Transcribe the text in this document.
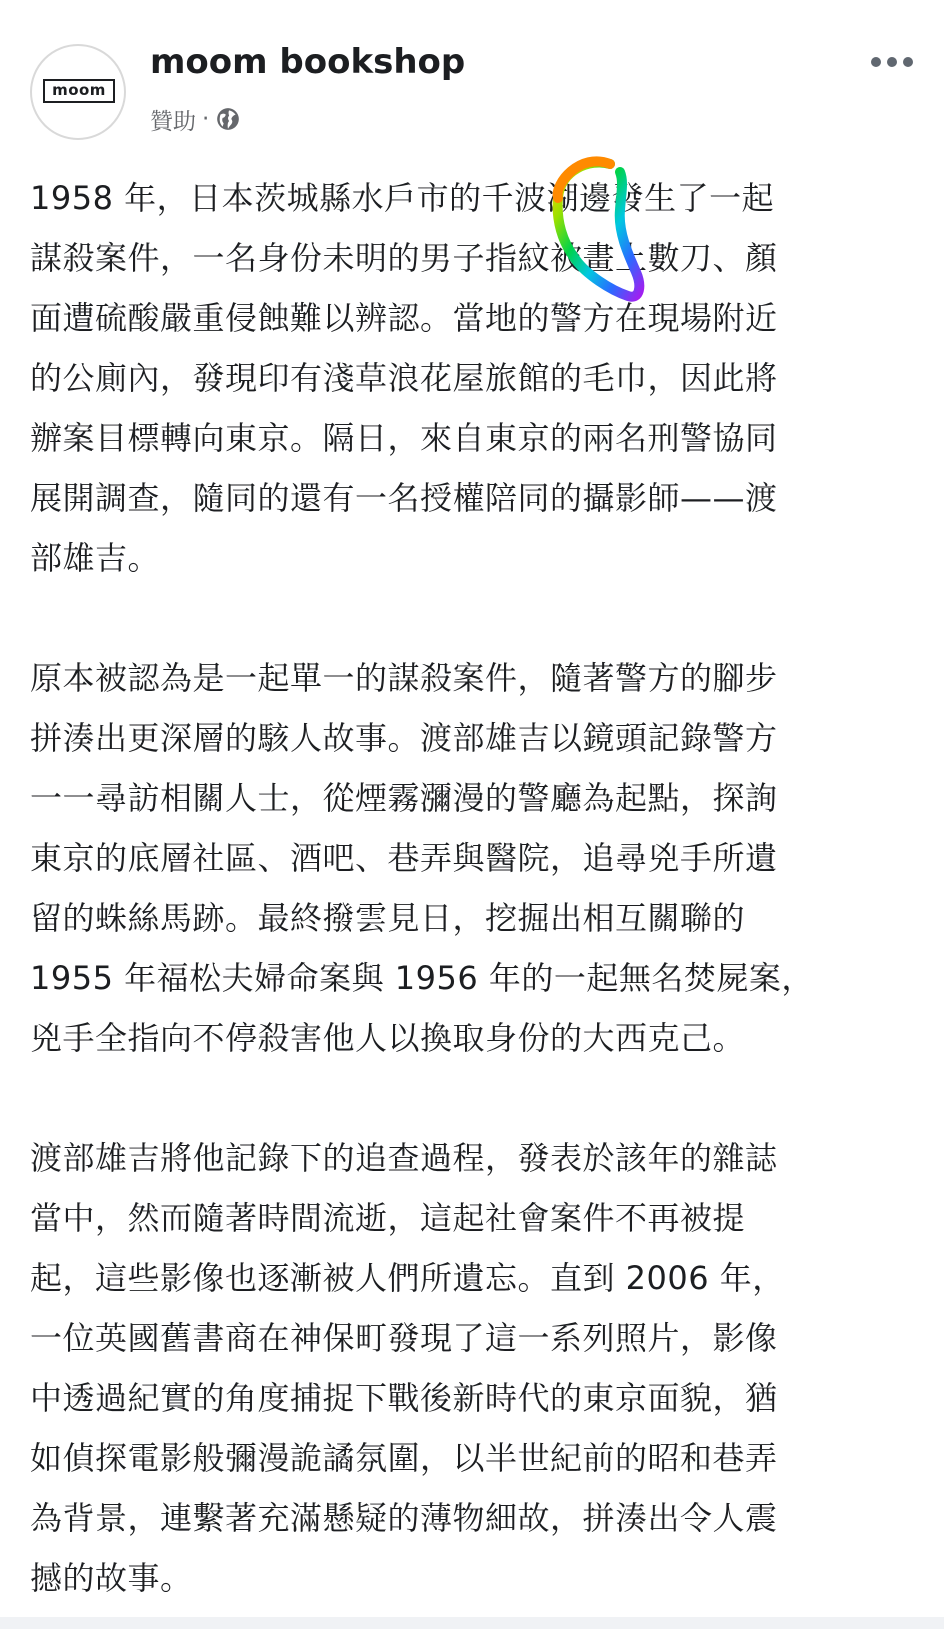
moom
moom bookshop
贊助 ·
1958 年，日本茨城縣水戶市的千波湖邊發生了一起
謀殺案件，一名身份未明的男子指紋被畫上數刀、顏
面遭硫酸嚴重侵蝕難以辨認。當地的警方在現場附近
的公廁內，發現印有淺草浪花屋旅館的毛巾，因此將
辦案目標轉向東京。隔日，來自東京的兩名刑警協同
展開調查，隨同的還有一名授權陪同的攝影師——渡
部雄吉。
原本被認為是一起單一的謀殺案件，隨著警方的腳步
拼湊出更深層的駭人故事。渡部雄吉以鏡頭記錄警方
一一尋訪相關人士，從煙霧瀰漫的警廳為起點，探詢
東京的底層社區、酒吧、巷弄與醫院，追尋兇手所遺
留的蛛絲馬跡。最終撥雲見日，挖掘出相互關聯的
1955 年福松夫婦命案與 1956 年的一起無名焚屍案，
兇手全指向不停殺害他人以換取身份的大西克己。
渡部雄吉將他記錄下的追查過程，發表於該年的雜誌
當中，然而隨著時間流逝，這起社會案件不再被提
起，這些影像也逐漸被人們所遺忘。直到 2006 年，
一位英國舊書商在神保町發現了這一系列照片，影像
中透過紀實的角度捕捉下戰後新時代的東京面貌，猶
如偵探電影般彌漫詭譎氛圍，以半世紀前的昭和巷弄
為背景，連繫著充滿懸疑的薄物細故，拼湊出令人震
撼的故事。
